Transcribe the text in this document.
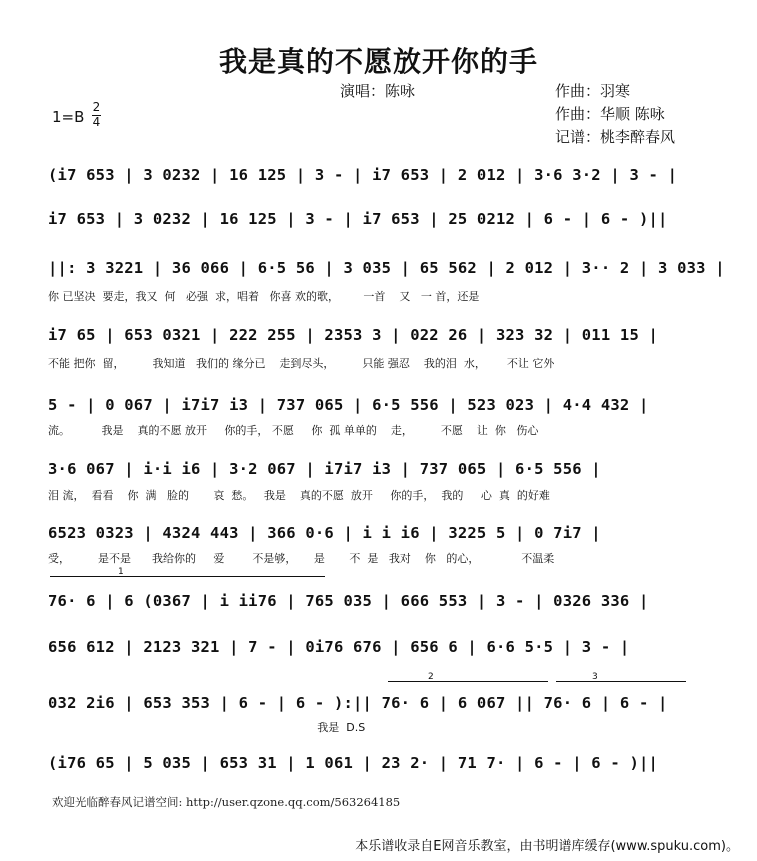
我是真的不愿放开你的手
演唱：陈咏	作曲：羽寒
作曲：华顺 陈咏
记谱：桃李醉春风
1=B
2
4
(i7 653 | 3 0232 | 16 125 | 3 - | i7 653 | 2 012 | 3·6 3·2 | 3 - |
i7 653 | 3 0232 | 16 125 | 3 - | i7 653 | 25 0212 | 6 - | 6 - )||
||: 3 3221 | 36 066 | 6·5 56 | 3 035 | 65 562 | 2 012 | 3·· 2 | 3 033 |
你 已坚决  要走，我又  何   必强  求，唱着   你喜 欢的歌，       一首    又   一 首，还是
i7 65 | 653 0321 | 222 255 | 2353 3 | 022 26 | 323 32 | 011 15 |
不能 把你  留，        我知道   我们的 缘分已    走到尽头，        只能 强忍    我的泪  水，      不让 它外
5 - | 0 067 | i7i7 i3 | 737 065 | 6·5 556 | 523 023 | 4·4 432 |
流。         我是    真的不愿 放开     你的手， 不愿     你  孤 单单的    走，        不愿    让  你   伤心
3·6 067 | i·i i6 | 3·2 067 | i7i7 i3 | 737 065 | 6·5 556 |
泪 流，  看看    你  满   脸的       哀  愁。   我是    真的不愿  放开     你的手，  我的     心  真  的好难
6523 0323 | 4324 443 | 366 0·6 | i i i6 | 3225 5 | 0 7i7 |
受，        是不是      我给你的     爱        不是够，     是       不  是   我对    你   的心，            不温柔
1
76· 6 | 6 (0367 | i ii76 | 765 035 | 666 553 | 3 - | 0326 336 |
656 612 | 2123 321 | 7 - | 0i76 676 | 656 6 | 6·6 5·5 | 3 - |
2	3
032 2i6 | 653 353 | 6 - | 6 - ):|| 76· 6 | 6 067 || 76· 6 | 6 - |
我是  D.S
(i76 65 | 5 035 | 653 31 | 1 061 | 23 2· | 71 7· | 6 - | 6 - )||
欢迎光临醉春风记谱空间: http://user.qzone.qq.com/563264185
本乐谱收录自E网音乐教室，由书明谱库缓存(www.spuku.com)。
